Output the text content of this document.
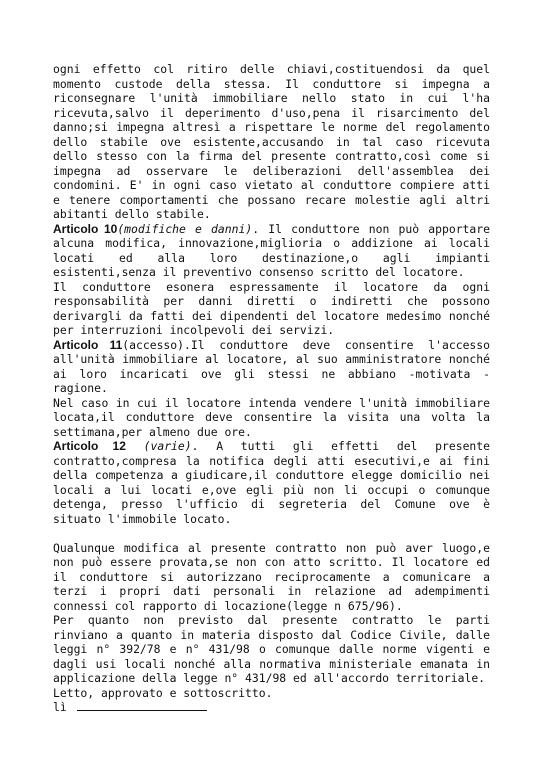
ogni effetto col ritiro delle chiavi,costituendosi da quel momento custode della stessa. Il conduttore si impegna a riconsegnare l'unità immobiliare nello stato in cui l'ha ricevuta,salvo il deperimento d'uso,pena il risarcimento del danno;si impegna altresì a rispettare le norme del regolamento dello stabile ove esistente,accusando in tal caso ricevuta dello stesso con la firma del presente contratto,così come si impegna ad osservare le deliberazioni dell'assemblea dei condomini. E' in ogni caso vietato al conduttore compiere atti e tenere comportamenti che possano recare molestie agli altri abitanti dello stabile.

Articolo 10(modifiche e danni). Il conduttore non può apportare alcuna modifica, innovazione,miglioria o addizione ai locali locati ed alla loro destinazione,o agli impianti esistenti,senza il preventivo consenso scritto del locatore.

Il conduttore esonera espressamente il locatore da ogni responsabilità per danni diretti o indiretti che possono derivargli da fatti dei dipendenti del locatore medesimo nonché per interruzioni incolpevoli dei servizi.

Articolo 11(accesso).Il conduttore deve consentire l'accesso all'unità immobiliare al locatore, al suo amministratore nonché ai loro incaricati ove gli stessi ne abbiano -motivata -ragione.

Nel caso in cui il locatore intenda vendere l'unità immobiliare locata,il conduttore deve consentire la visita una volta la settimana,per almeno due ore.

Articolo 12 (varie). A tutti gli effetti del presente contratto,compresa la notifica degli atti esecutivi,e ai fini della competenza a giudicare,il conduttore elegge domicilio nei locali a lui locati e,ove egli più non li occupi o comunque detenga, presso l'ufficio di segreteria del Comune ove è situato l'immobile locato.

Qualunque modifica al presente contratto non può aver luogo,e non può essere provata,se non con atto scritto. Il locatore ed il conduttore si autorizzano reciprocamente a comunicare a terzi i propri dati personali in relazione ad adempimenti connessi col rapporto di locazione(legge n 675/96).

Per quanto non previsto dal presente contratto le parti rinviano a quanto in materia disposto dal Codice Civile, dalle leggi n° 392/78 e n° 431/98 o comunque dalle norme vigenti e dagli usi locali nonché alla normativa ministeriale emanata in applicazione della legge n° 431/98 ed all'accordo territoriale.

Letto, approvato e sottoscritto.

lì
